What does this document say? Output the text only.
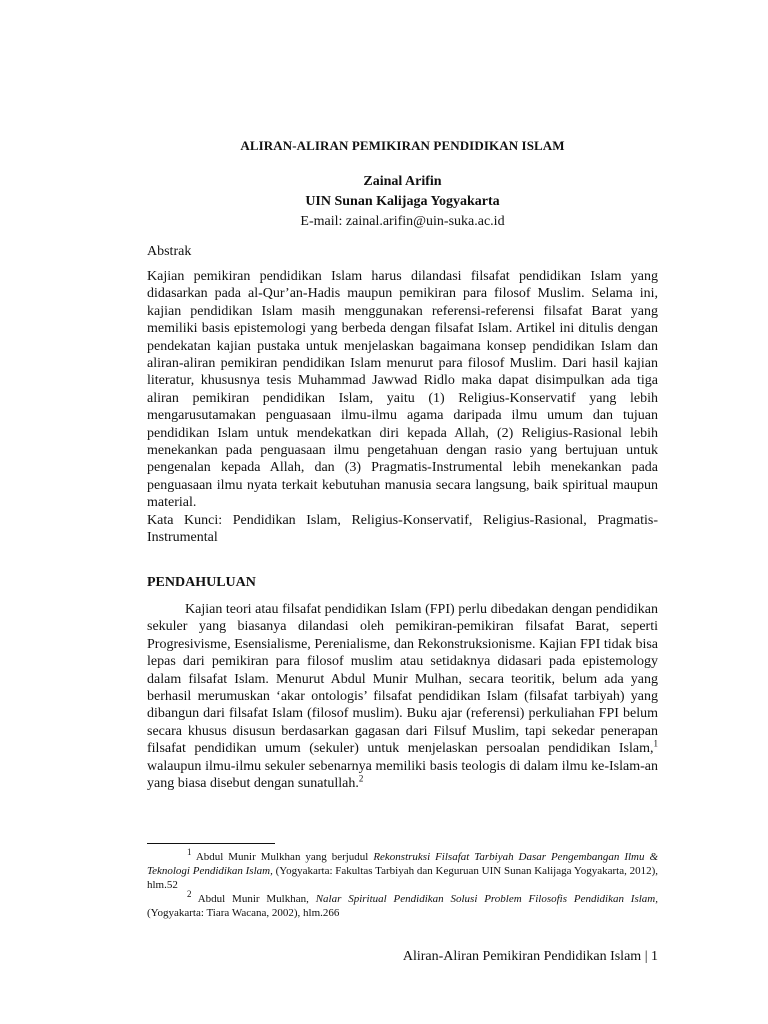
ALIRAN-ALIRAN PEMIKIRAN PENDIDIKAN ISLAM
Zainal Arifin
UIN Sunan Kalijaga Yogyakarta
E-mail: zainal.arifin@uin-suka.ac.id
Abstrak

Kajian pemikiran pendidikan Islam harus dilandasi filsafat pendidikan Islam yang didasarkan pada al-Qur’an-Hadis maupun pemikiran para filosof Muslim. Selama ini, kajian pendidikan Islam masih menggunakan referensi-referensi filsafat Barat yang memiliki basis epistemologi yang berbeda dengan filsafat Islam. Artikel ini ditulis dengan pendekatan kajian pustaka untuk menjelaskan bagaimana konsep pendidikan Islam dan aliran-aliran pemikiran pendidikan Islam menurut para filosof Muslim. Dari hasil kajian literatur, khususnya tesis Muhammad Jawwad Ridlo maka dapat disimpulkan ada tiga aliran pemikiran pendidikan Islam, yaitu (1) Religius-Konservatif yang lebih mengarusutamakan penguasaan ilmu-ilmu agama daripada ilmu umum dan tujuan pendidikan Islam untuk mendekatkan diri kepada Allah, (2) Religius-Rasional lebih menekankan pada penguasaan ilmu pengetahuan dengan rasio yang bertujuan untuk pengenalan kepada Allah, dan (3) Pragmatis-Instrumental lebih menekankan pada penguasaan ilmu nyata terkait kebutuhan manusia secara langsung, baik spiritual maupun material.

Kata Kunci: Pendidikan Islam, Religius-Konservatif, Religius-Rasional, Pragmatis-Instrumental

PENDAHULUAN

Kajian teori atau filsafat pendidikan Islam (FPI) perlu dibedakan dengan pendidikan sekuler yang biasanya dilandasi oleh pemikiran-pemikiran filsafat Barat, seperti Progresivisme, Esensialisme, Perenialisme, dan Rekonstruksionisme. Kajian FPI tidak bisa lepas dari pemikiran para filosof muslim atau setidaknya didasari pada epistemology dalam filsafat Islam. Menurut Abdul Munir Mulhan, secara teoritik, belum ada yang berhasil merumuskan ‘akar ontologis’ filsafat pendidikan Islam (filsafat tarbiyah) yang dibangun dari filsafat Islam (filosof muslim). Buku ajar (referensi) perkuliahan FPI belum secara khusus disusun berdasarkan gagasan dari Filsuf Muslim, tapi sekedar penerapan filsafat pendidikan umum (sekuler) untuk menjelaskan persoalan pendidikan Islam,$^1$ walaupun ilmu-ilmu sekuler sebenarnya memiliki basis teologis di dalam ilmu ke-Islam-an yang biasa disebut dengan sunatullah.$^2$

$^1$ Abdul Munir Mulkhan yang berjudul Rekonstruksi Filsafat Tarbiyah Dasar Pengembangan Ilmu & Teknologi Pendidikan Islam, (Yogyakarta: Fakultas Tarbiyah dan Keguruan UIN Sunan Kalijaga Yogyakarta, 2012), hlm.52

$^2$ Abdul Munir Mulkhan, Nalar Spiritual Pendidikan Solusi Problem Filosofis Pendidikan Islam, (Yogyakarta: Tiara Wacana, 2002), hlm.266

Aliran-Aliran Pemikiran Pendidikan Islam | 1
